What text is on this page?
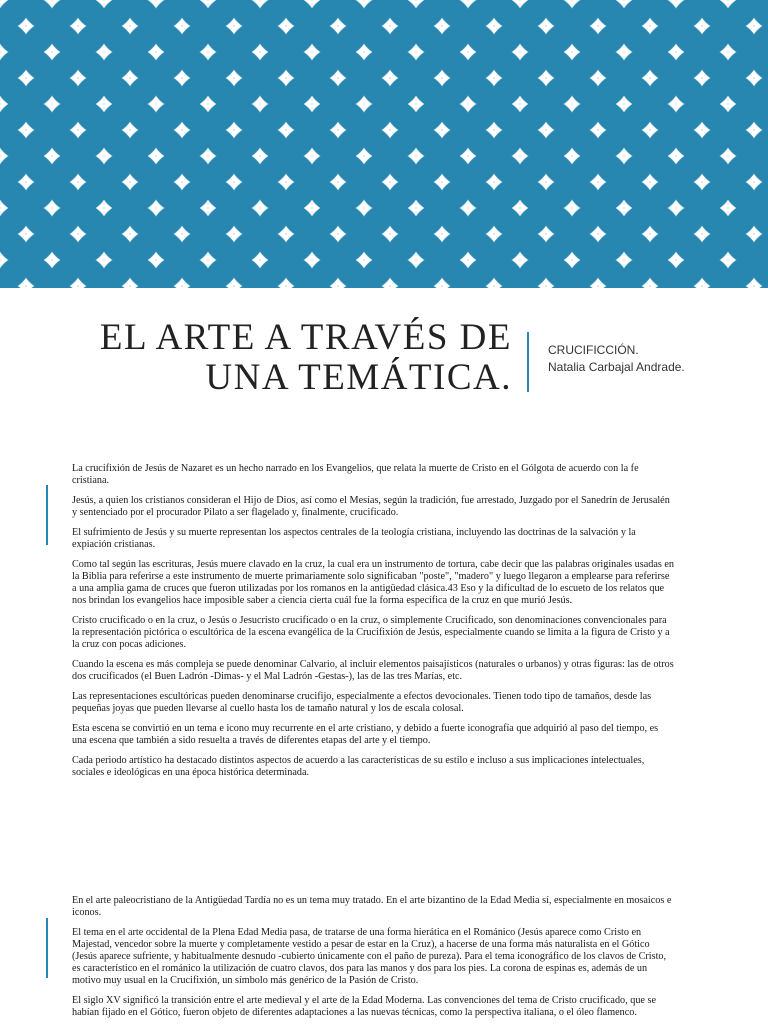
EL ARTE A TRAVÉS DE
UNA TEMÁTICA.
CRUCIFICCIÓN.
Natalia Carbajal Andrade.

La crucifixión de Jesús de Nazaret es un hecho narrado en los Evangelios, que relata la muerte de Cristo en el Gólgota de acuerdo con la fe cristiana.

Jesús, a quien los cristianos consideran el Hijo de Dios, así como el Mesías, según la tradición, fue arrestado, Juzgado por el Sanedrín de Jerusalén y sentenciado por el procurador Pilato a ser flagelado y, finalmente, crucificado.

El sufrimiento de Jesús y su muerte representan los aspectos centrales de la teología cristiana, incluyendo las doctrinas de la salvación y la expiación cristianas.

Como tal según las escrituras, Jesús muere clavado en la cruz, la cual era un instrumento de tortura, cabe decir que las palabras originales usadas en la Biblia para referirse a este instrumento de muerte primariamente solo significaban "poste", "madero" y luego llegaron a emplearse para referirse a una amplia gama de cruces que fueron utilizadas por los romanos en la antigüedad clásica.43 Eso y la dificultad de lo escueto de los relatos que nos brindan los evangelios hace imposible saber a ciencia cierta cuál fue la forma específica de la cruz en que murió Jesús.

Cristo crucificado o en la cruz, o Jesús o Jesucristo crucificado o en la cruz, o simplemente Crucificado, son denominaciones convencionales para la representación pictórica o escultórica de la escena evangélica de la Crucifixión de Jesús, especialmente cuando se limita a la figura de Cristo y a la cruz con pocas adiciones.

Cuando la escena es más compleja se puede denominar Calvario, al incluir elementos paisajísticos (naturales o urbanos) y otras figuras: las de otros dos crucificados (el Buen Ladrón -Dimas- y el Mal Ladrón -Gestas-), las de las tres Marías, etc.

Las representaciones escultóricas pueden denominarse crucifijo, especialmente a efectos devocionales. Tienen todo tipo de tamaños, desde las pequeñas joyas que pueden llevarse al cuello hasta los de tamaño natural y los de escala colosal.

Esta escena se convirtió en un tema e icono muy recurrente en el arte cristiano, y debido a fuerte iconografía que adquirió al paso del tiempo, es una escena que también a sido resuelta a través de diferentes etapas del arte y el tiempo.

Cada periodo artístico ha destacado distintos aspectos de acuerdo a las características de su estilo e incluso a sus implicaciones intelectuales, sociales e ideológicas en una época histórica determinada.

En el arte paleocristiano de la Antigüedad Tardía no es un tema muy tratado. En el arte bizantino de la Edad Media sí, especialmente en mosaicos e iconos.

El tema en el arte occidental de la Plena Edad Media pasa, de tratarse de una forma hierática en el Románico (Jesús aparece como Cristo en Majestad, vencedor sobre la muerte y completamente vestido a pesar de estar en la Cruz), a hacerse de una forma más naturalista en el Gótico (Jesús aparece sufriente, y habitualmente desnudo -cubierto únicamente con el paño de pureza). Para el tema iconográfico de los clavos de Cristo, es característico en el románico la utilización de cuatro clavos, dos para las manos y dos para los pies. La corona de espinas es, además de un motivo muy usual en la Crucifixión, un símbolo más genérico de la Pasión de Cristo.

El siglo XV significó la transición entre el arte medieval y el arte de la Edad Moderna. Las convenciones del tema de Cristo crucificado, que se habían fijado en el Gótico, fueron objeto de diferentes adaptaciones a las nuevas técnicas, como la perspectiva italiana, o el óleo flamenco.
